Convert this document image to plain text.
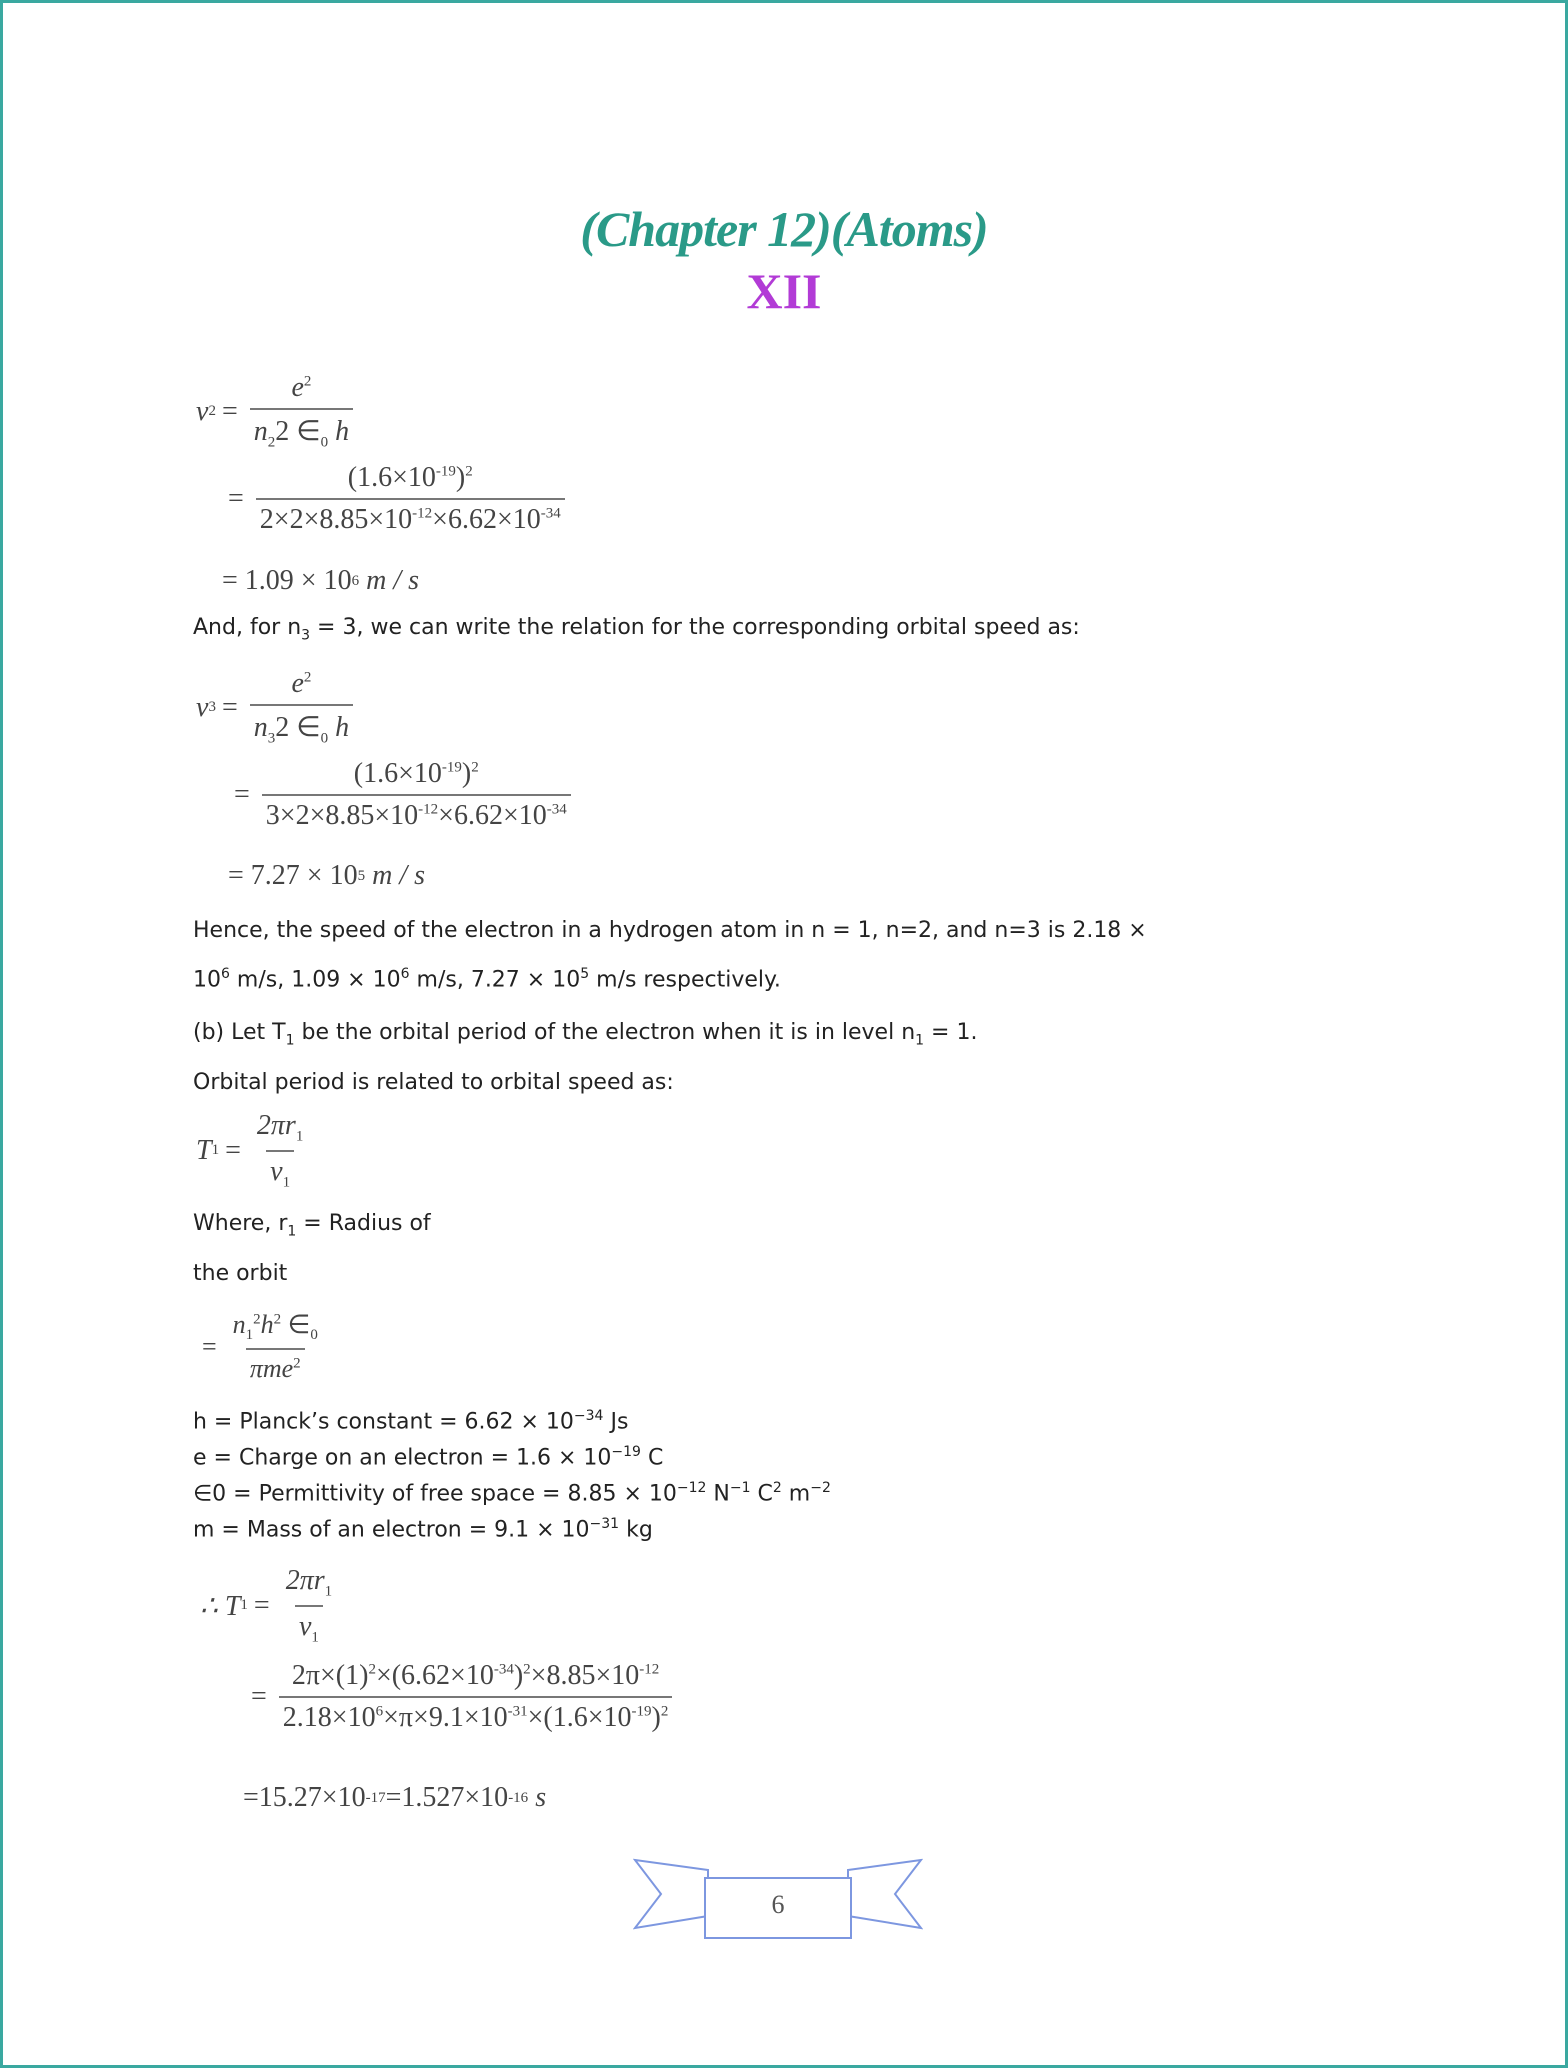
(Chapter 12)(Atoms)
XII
v $2 = \frac{e^2}{n_22 \in_0 h}$
= $\frac{(1.6\times 10^{-19})^2}{2\times 2\times 8.85\times 10^{-12}\times 6.62\times 10^{-34}}$
= 1.09 × 10 6
m / s
And, for $n_3 = 3$, we can write the relation for the corresponding orbital speed as:
v $3 = \frac{e^2}{n_32 \in_0 h}$
= $\frac{(1.6\times 10^{-19})^2}{3\times 2\times 8.85\times 10^{-12}\times 6.62\times 10^{-34}}$
= 7.27 × 10 5
m / s
Hence, the speed of the electron in a hydrogen atom in n = 1, n=2, and n=3 is 2.18 ×
$10^6$ m/s, $1.09 \times 10^6$ m/s, $7.27 \times 10^5$ m/s respectively.
(b) Let $T_1$ be the orbital period of the electron when it is in level $n_1 = 1$.
Orbital period is related to orbital speed as:
T $1 = \frac{2\pi r_1}{v_1}$
Where, $r_1$ = Radius of
the orbit
= $\frac{n_1^2h^2 \in_0}{\pi me^2}$
h = Planck’s constant = $6.62 \times 10^{-34}$ Js
e = Charge on an electron = $1.6 \times 10^{-19}$ C
∈0 = Permittivity of free space = $8.85 \times 10^{-12}$ $N^{-1}$ $C^2$ $m^{-2}$
m = Mass of an electron = $9.1 \times 10^{-31}$ kg
∴ T $1 = \frac{2\pi r_1}{v_1}$
= $\frac{2\pi\times(1)^2\times(6.62\times 10^{-34})^2\times 8.85\times 10^{-12}}{2.18\times 10^6\times\pi\times 9.1\times 10^{-31}\times(1.6\times 10^{-19})^2}$
=15.27×10 -17 =1.527×10 -16
s
6
